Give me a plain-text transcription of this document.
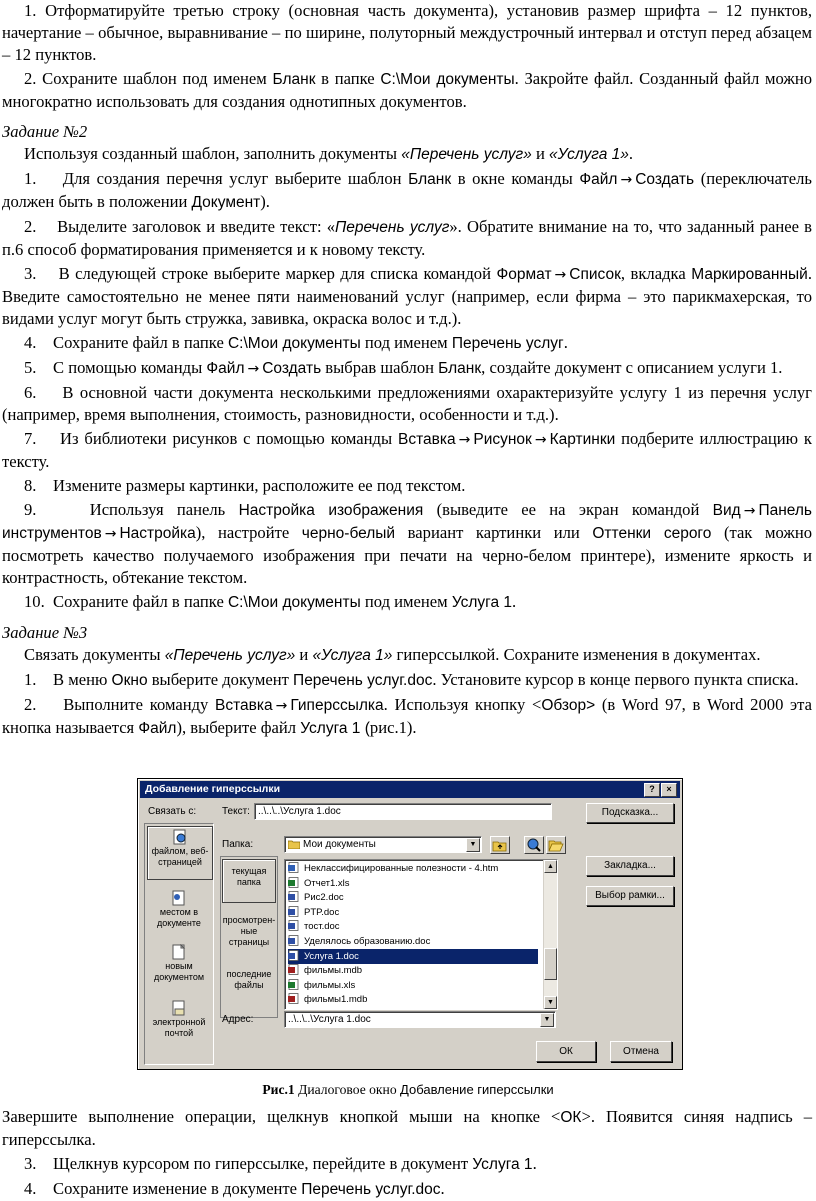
1. Отформатируйте третью строку (основная часть документа), установив размер шрифта – 12 пунктов, начертание – обычное, выравнивание – по ширине, полуторный междустрочный интервал и отступ перед абзацем – 12 пунктов.

2. Сохраните шаблон под именем Бланк в папке C:\Мои документы. Закройте файл. Созданный файл можно многократно использовать для создания однотипных документов.

Задание №2

Используя созданный шаблон, заполнить документы «Перечень услуг» и «Услуга 1».

1.    Для создания перечня услуг выберите шаблон Бланк в окне команды Файл → Создать (переключатель должен быть в положении Документ).

2.    Выделите заголовок и введите текст: «Перечень услуг». Обратите внимание на то, что заданный ранее в п.6 способ форматирования применяется и к новому тексту.

3.    В следующей строке выберите маркер для списка командой Формат → Список, вкладка Маркированный. Введите самостоятельно не менее пяти наименований услуг (например, если фирма – это парикмахерская, то видами услуг могут быть стружка, завивка, окраска волос и т.д.).

4.    Сохраните файл в папке C:\Мои документы под именем Перечень услуг.

5.    С помощью команды Файл → Создать выбрав шаблон Бланк, создайте документ с описанием услуги 1.

6.    В основной части документа несколькими предложениями охарактеризуйте услугу 1 из перечня услуг (например, время выполнения, стоимость, разновидности, особенности и т.д.).

7.    Из библиотеки рисунков с помощью команды Вставка → Рисунок → Картинки подберите иллюстрацию к тексту.

8.    Измените размеры картинки, расположите ее под текстом.

9.    Используя панель Настройка изображения (выведите ее на экран командой Вид → Панель инструментов → Настройка), настройте черно-белый вариант картинки или Оттенки серого (так можно посмотреть качество получаемого изображения при печати на черно-белом принтере), измените яркость и контрастность, обтекание текстом.

10.  Сохраните файл в папке C:\Мои документы под именем Услуга 1.

Задание №3

Связать документы «Перечень услуг» и «Услуга 1» гиперссылкой. Сохраните изменения в документах.

1.    В меню Окно выберите документ Перечень услуг.doc. Установите курсор в конце первого пункта списка.

2.    Выполните команду Вставка → Гиперссылка. Используя кнопку <Обзор> (в Word 97, в Word 2000 эта кнопка называется Файл), выберите файл Услуга 1 (рис.1).

Добавление гиперссылки	?	×
Связать с:	Текст: ..\..\..\Услуга 1.doc	Подсказка...
файлом, веб-страницей
местом в документе
новым документом
электронной почтой
Папка:	Мои документы	▼
текущая папка
просмотрен-ные страницы
последние файлы
фильмы1.mdb
фильмы.xls
фильмы.mdb
Услуга 1.doc
Уделялось образованию.doc
тост.doc
PTP.doc
Рис2.doc
Отчет1.xls
Неклассифицированные полезности - 4.htm	▲
▼
Закладка...
Выбор рамки...
Адрес:	..\..\..\Услуга 1.doc	▼
ОК	Отмена
Рис.1 Диалоговое окно Добавление гиперссылки

Завершите выполнение операции, щелкнув кнопкой мыши на кнопке <ОК>. Появится синяя надпись – гиперссылка.

3.    Щелкнув курсором по гиперссылке, перейдите в документ Услуга 1.

4.    Сохраните изменение в документе Перечень услуг.doc.
